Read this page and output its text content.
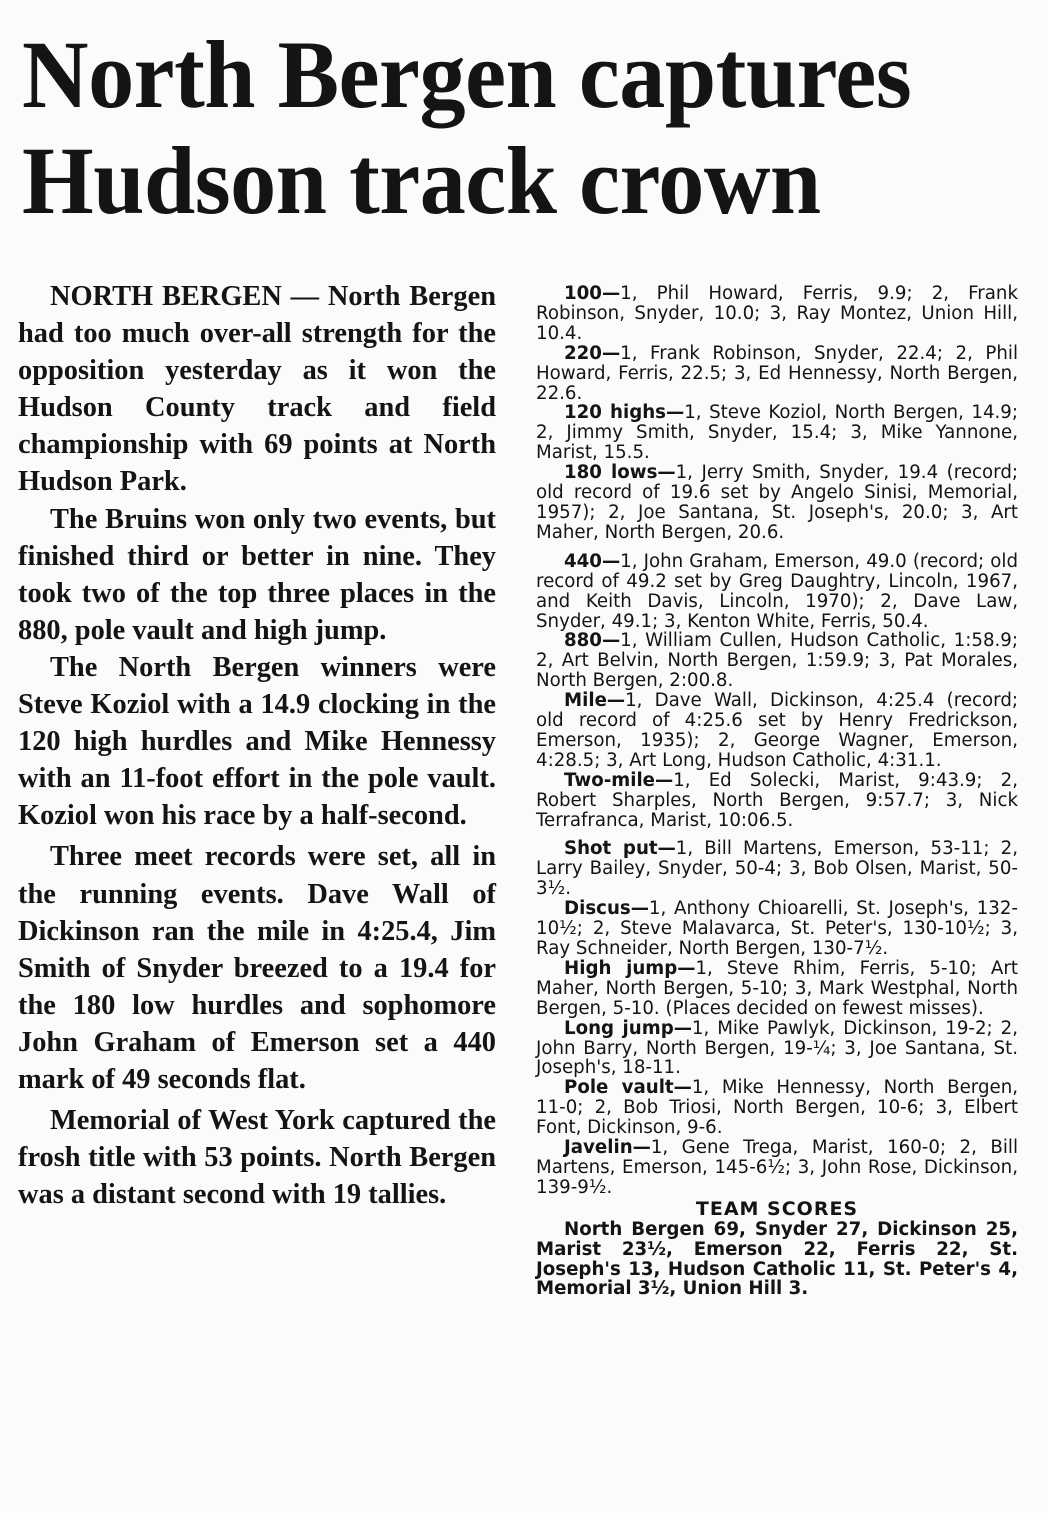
North Bergen captures
Hudson track crown

NORTH BERGEN — North Bergen had too much over-all strength for the opposition yesterday as it won the Hudson County track and field championship with 69 points at North Hudson Park.

The Bruins won only two events, but finished third or better in nine. They took two of the top three places in the 880, pole vault and high jump.

The North Bergen winners were Steve Koziol with a 14.9 clocking in the 120 high hurdles and Mike Hennessy with an 11-foot effort in the pole vault. Koziol won his race by a half-second.

Three meet records were set, all in the running events. Dave Wall of Dickinson ran the mile in 4:25.4, Jim Smith of Snyder breezed to a 19.4 for the 180 low hurdles and sophomore John Graham of Emerson set a 440 mark of 49 seconds flat.

Memorial of West York captured the frosh title with 53 points. North Bergen was a distant second with 19 tallies.

100—1, Phil Howard, Ferris, 9.9; 2, Frank Robinson, Snyder, 10.0; 3, Ray Montez, Union Hill, 10.4.

220—1, Frank Robinson, Snyder, 22.4; 2, Phil Howard, Ferris, 22.5; 3, Ed Hennessy, North Bergen, 22.6.

120 highs—1, Steve Koziol, North Bergen, 14.9; 2, Jimmy Smith, Snyder, 15.4; 3, Mike Yannone, Marist, 15.5.

180 lows—1, Jerry Smith, Snyder, 19.4 (record; old record of 19.6 set by Angelo Sinisi, Memorial, 1957); 2, Joe Santana, St. Joseph's, 20.0; 3, Art Maher, North Bergen, 20.6.

440—1, John Graham, Emerson, 49.0 (record; old record of 49.2 set by Greg Daughtry, Lincoln, 1967, and Keith Davis, Lincoln, 1970); 2, Dave Law, Snyder, 49.1; 3, Kenton White, Ferris, 50.4.

880—1, William Cullen, Hudson Catholic, 1:58.9; 2, Art Belvin, North Bergen, 1:59.9; 3, Pat Morales, North Bergen, 2:00.8.

Mile—1, Dave Wall, Dickinson, 4:25.4 (record; old record of 4:25.6 set by Henry Fredrickson, Emerson, 1935); 2, George Wagner, Emerson, 4:28.5; 3, Art Long, Hudson Catholic, 4:31.1.

Two-mile—1, Ed Solecki, Marist, 9:43.9; 2, Robert Sharples, North Bergen, 9:57.7; 3, Nick Terrafranca, Marist, 10:06.5.

Shot put—1, Bill Martens, Emerson, 53-11; 2, Larry Bailey, Snyder, 50-4; 3, Bob Olsen, Marist, 50-3½.

Discus—1, Anthony Chioarelli, St. Joseph's, 132-10½; 2, Steve Malavarca, St. Peter's, 130-10½; 3, Ray Schneider, North Bergen, 130-7½.

High jump—1, Steve Rhim, Ferris, 5-10; Art Maher, North Bergen, 5-10; 3, Mark Westphal, North Bergen, 5-10. (Places decided on fewest misses).

Long jump—1, Mike Pawlyk, Dickinson, 19-2; 2, John Barry, North Bergen, 19-¼; 3, Joe Santana, St. Joseph's, 18-11.

Pole vault—1, Mike Hennessy, North Bergen, 11-0; 2, Bob Triosi, North Bergen, 10-6; 3, Elbert Font, Dickinson, 9-6.

Javelin—1, Gene Trega, Marist, 160-0; 2, Bill Martens, Emerson, 145-6½; 3, John Rose, Dickinson, 139-9½.

TEAM SCORES

North Bergen 69, Snyder 27, Dickinson 25, Marist 23½, Emerson 22, Ferris 22, St. Joseph's 13, Hudson Catholic 11, St. Peter's 4, Memorial 3½, Union Hill 3.
